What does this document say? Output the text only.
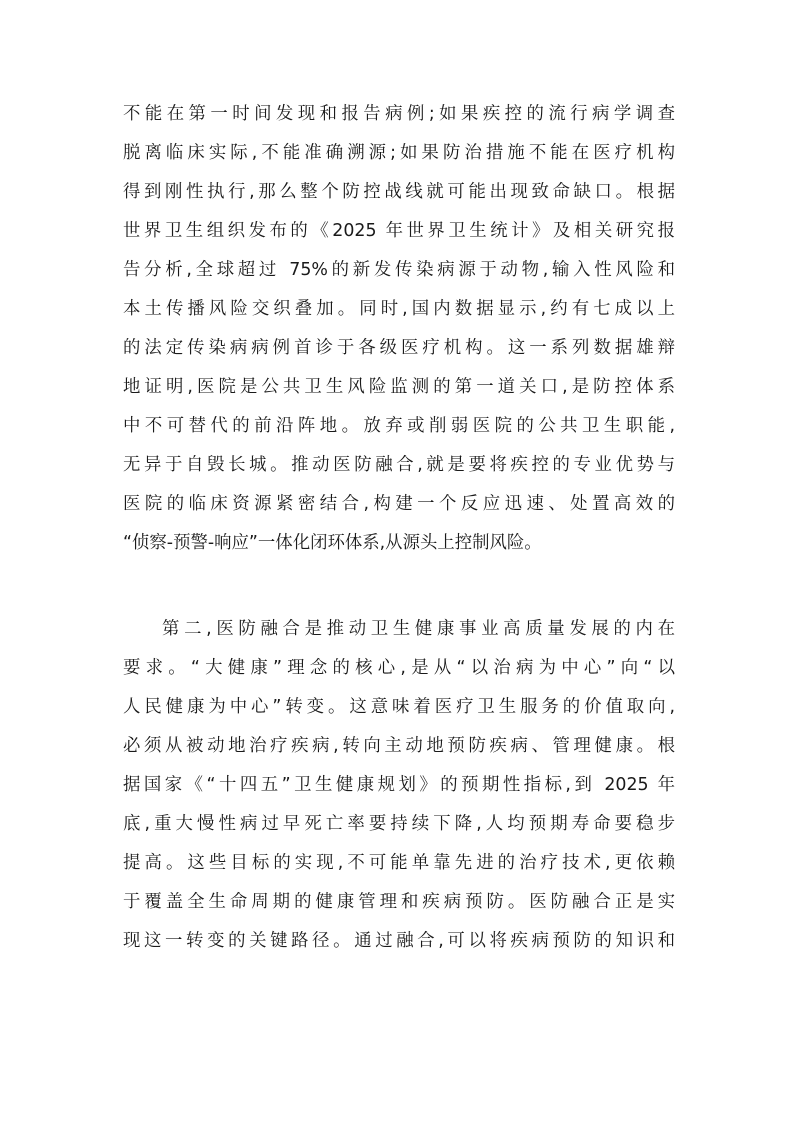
不能在第一时间发现和报告病例;如果疾控的流行病学调查
脱离临床实际,不能准确溯源;如果防治措施不能在医疗机构
得到刚性执行,那么整个防控战线就可能出现致命缺口。根据
世界卫生组织发布的《2025 年世界卫生统计》及相关研究报
告分析,全球超过 75%的新发传染病源于动物,输入性风险和
本土传播风险交织叠加。同时,国内数据显示,约有七成以上
的法定传染病病例首诊于各级医疗机构。这一系列数据雄辩
地证明,医院是公共卫生风险监测的第一道关口,是防控体系
中不可替代的前沿阵地。放弃或削弱医院的公共卫生职能,
无异于自毁长城。推动医防融合,就是要将疾控的专业优势与
医院的临床资源紧密结合,构建一个反应迅速、处置高效的
“侦察-预警-响应”一体化闭环体系,从源头上控制风险。
第二,医防融合是推动卫生健康事业高质量发展的内在
要求。“大健康”理念的核心,是从“以治病为中心”向“以
人民健康为中心”转变。这意味着医疗卫生服务的价值取向,
必须从被动地治疗疾病,转向主动地预防疾病、管理健康。根
据国家《“十四五”卫生健康规划》的预期性指标,到 2025 年
底,重大慢性病过早死亡率要持续下降,人均预期寿命要稳步
提高。这些目标的实现,不可能单靠先进的治疗技术,更依赖
于覆盖全生命周期的健康管理和疾病预防。医防融合正是实
现这一转变的关键路径。通过融合,可以将疾病预防的知识和
